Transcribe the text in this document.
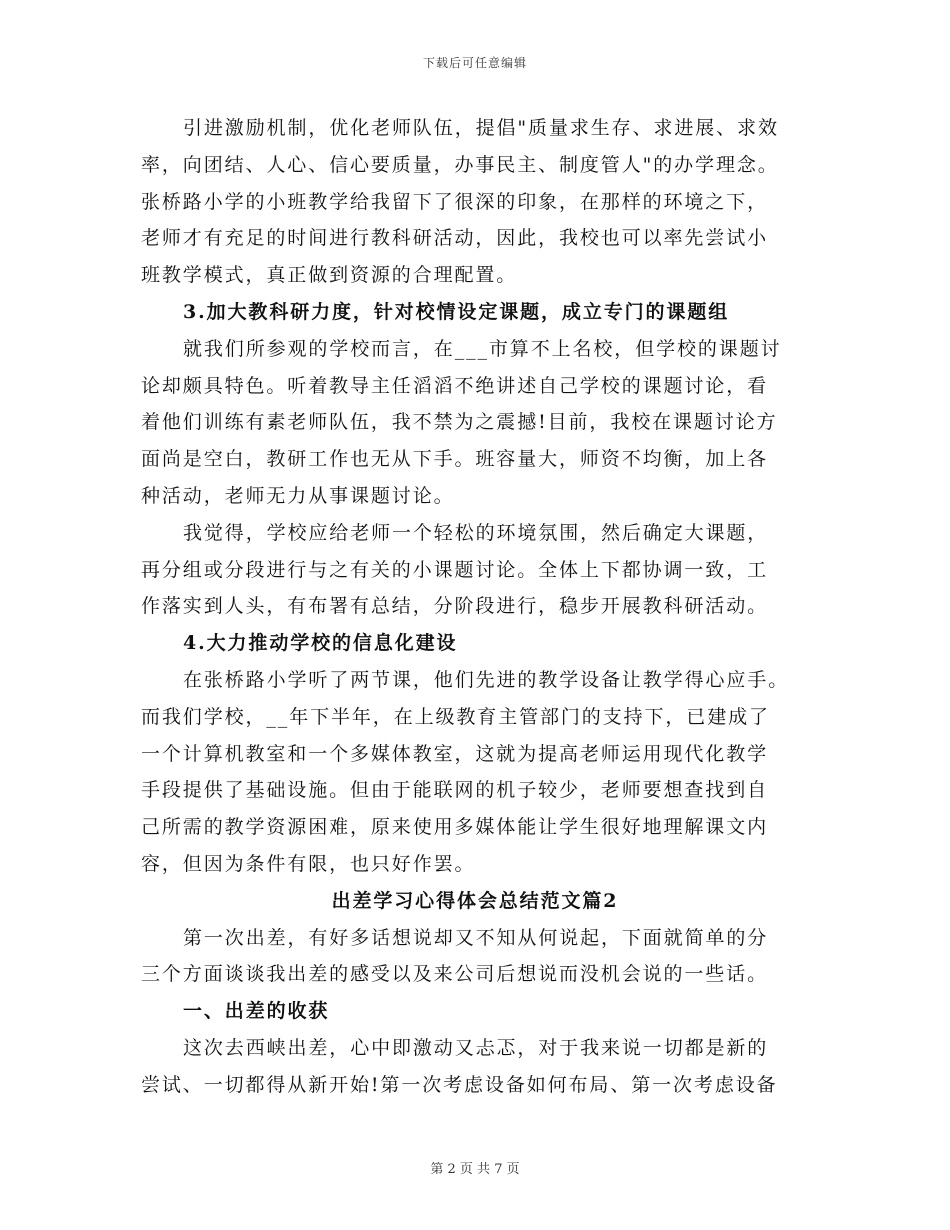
下载后可任意编辑
引进激励机制，优化老师队伍，提倡"质量求生存、求进展、求效
率，向团结、人心、信心要质量，办事民主、制度管人"的办学理念。
张桥路小学的小班教学给我留下了很深的印象，在那样的环境之下，
老师才有充足的时间进行教科研活动，因此，我校也可以率先尝试小
班教学模式，真正做到资源的合理配置。
3.加大教科研力度，针对校情设定课题，成立专门的课题组
就我们所参观的学校而言，在___市算不上名校，但学校的课题讨
论却颇具特色。听着教导主任滔滔不绝讲述自己学校的课题讨论，看
着他们训练有素老师队伍，我不禁为之震撼!目前，我校在课题讨论方
面尚是空白，教研工作也无从下手。班容量大，师资不均衡，加上各
种活动，老师无力从事课题讨论。
我觉得，学校应给老师一个轻松的环境氛围，然后确定大课题，
再分组或分段进行与之有关的小课题讨论。全体上下都协调一致，工
作落实到人头，有布署有总结，分阶段进行，稳步开展教科研活动。
4.大力推动学校的信息化建设
在张桥路小学听了两节课，他们先进的教学设备让教学得心应手。
而我们学校，__年下半年，在上级教育主管部门的支持下，已建成了
一个计算机教室和一个多媒体教室，这就为提高老师运用现代化教学
手段提供了基础设施。但由于能联网的机子较少，老师要想查找到自
己所需的教学资源困难，原来使用多媒体能让学生很好地理解课文内
容，但因为条件有限，也只好作罢。
出差学习心得体会总结范文篇2
第一次出差，有好多话想说却又不知从何说起，下面就简单的分
三个方面谈谈我出差的感受以及来公司后想说而没机会说的一些话。
一、出差的收获
这次去西峡出差，心中即激动又忐忑，对于我来说一切都是新的
尝试、一切都得从新开始!第一次考虑设备如何布局、第一次考虑设备
第 2 页 共 7 页
